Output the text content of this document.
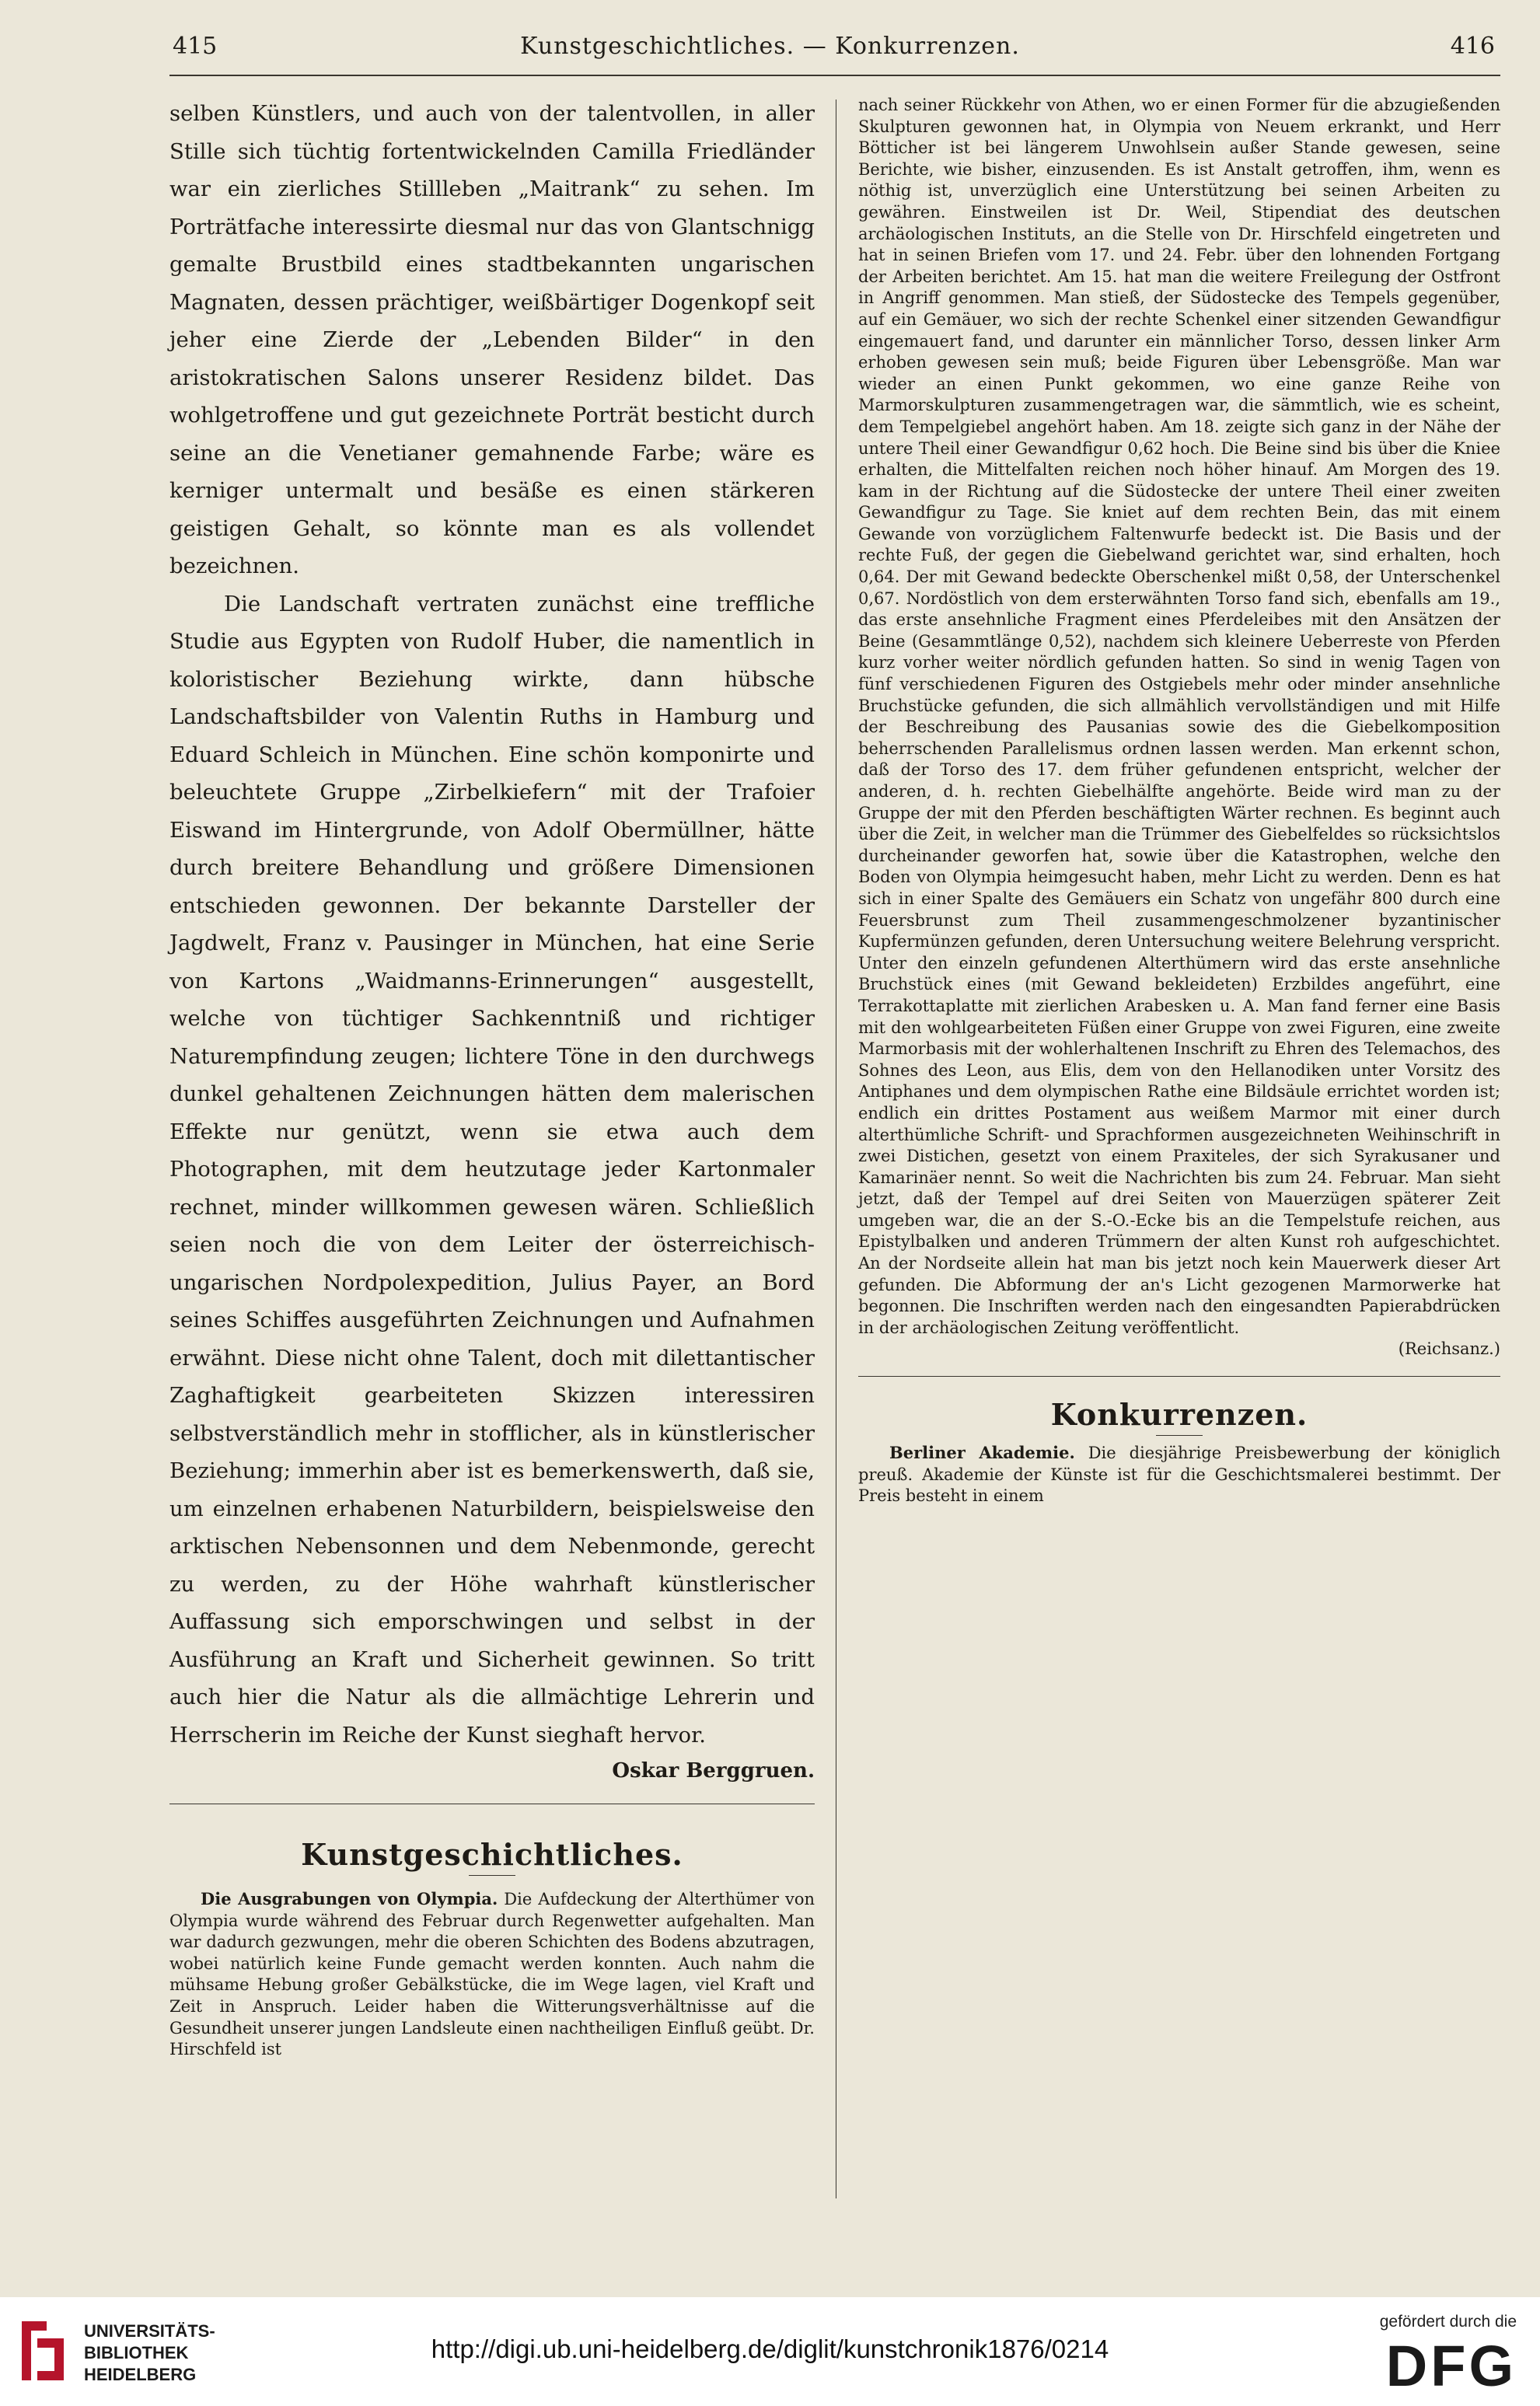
415	Kunstgeschichtliches. — Konkurrenzen.	416

selben Künstlers, und auch von der talentvollen, in aller Stille sich tüchtig fortentwickelnden Camilla Friedländer war ein zierliches Stillleben „Maitrank“ zu sehen. Im Porträtfache interessirte diesmal nur das von Glantschnigg gemalte Brustbild eines stadtbekannten ungarischen Magnaten, dessen prächtiger, weißbärtiger Dogenkopf seit jeher eine Zierde der „Lebenden Bilder“ in den aristokratischen Salons unserer Residenz bildet. Das wohlgetroffene und gut gezeichnete Porträt besticht durch seine an die Venetianer gemahnende Farbe; wäre es kerniger untermalt und besäße es einen stärkeren geistigen Gehalt, so könnte man es als vollendet bezeichnen.

Die Landschaft vertraten zunächst eine treffliche Studie aus Egypten von Rudolf Huber, die namentlich in koloristischer Beziehung wirkte, dann hübsche Landschaftsbilder von Valentin Ruths in Hamburg und Eduard Schleich in München. Eine schön komponirte und beleuchtete Gruppe „Zirbelkiefern“ mit der Trafoier Eiswand im Hintergrunde, von Adolf Obermüllner, hätte durch breitere Behandlung und größere Dimensionen entschieden gewonnen. Der bekannte Darsteller der Jagdwelt, Franz v. Pausinger in München, hat eine Serie von Kartons „Waidmanns-Erinnerungen“ ausgestellt, welche von tüchtiger Sachkenntniß und richtiger Naturempfindung zeugen; lichtere Töne in den durchwegs dunkel gehaltenen Zeichnungen hätten dem malerischen Effekte nur genützt, wenn sie etwa auch dem Photographen, mit dem heutzutage jeder Kartonmaler rechnet, minder willkommen gewesen wären. Schließlich seien noch die von dem Leiter der österreichisch-ungarischen Nordpolexpedition, Julius Payer, an Bord seines Schiffes ausgeführten Zeichnungen und Aufnahmen erwähnt. Diese nicht ohne Talent, doch mit dilettantischer Zaghaftigkeit gearbeiteten Skizzen interessiren selbstverständlich mehr in stofflicher, als in künstlerischer Beziehung; immerhin aber ist es bemerkenswerth, daß sie, um einzelnen erhabenen Naturbildern, beispielsweise den arktischen Nebensonnen und dem Nebenmonde, gerecht zu werden, zu der Höhe wahrhaft künstlerischer Auffassung sich emporschwingen und selbst in der Ausführung an Kraft und Sicherheit gewinnen. So tritt auch hier die Natur als die allmächtige Lehrerin und Herrscherin im Reiche der Kunst sieghaft hervor.

Oskar Berggruen.

Kunstgeschichtliches.

Die Ausgrabungen von Olympia. Die Aufdeckung der Alterthümer von Olympia wurde während des Februar durch Regenwetter aufgehalten. Man war dadurch gezwungen, mehr die oberen Schichten des Bodens abzutragen, wobei natürlich keine Funde gemacht werden konnten. Auch nahm die mühsame Hebung großer Gebälkstücke, die im Wege lagen, viel Kraft und Zeit in Anspruch. Leider haben die Witterungsverhältnisse auf die Gesundheit unserer jungen Landsleute einen nachtheiligen Einfluß geübt. Dr. Hirschfeld ist

nach seiner Rückkehr von Athen, wo er einen Former für die abzugießenden Skulpturen gewonnen hat, in Olympia von Neuem erkrankt, und Herr Bötticher ist bei längerem Unwohlsein außer Stande gewesen, seine Berichte, wie bisher, einzusenden. Es ist Anstalt getroffen, ihm, wenn es nöthig ist, unverzüglich eine Unterstützung bei seinen Arbeiten zu gewähren. Einstweilen ist Dr. Weil, Stipendiat des deutschen archäologischen Instituts, an die Stelle von Dr. Hirschfeld eingetreten und hat in seinen Briefen vom 17. und 24. Febr. über den lohnenden Fortgang der Arbeiten berichtet. Am 15. hat man die weitere Freilegung der Ostfront in Angriff genommen. Man stieß, der Südostecke des Tempels gegenüber, auf ein Gemäuer, wo sich der rechte Schenkel einer sitzenden Gewandfigur eingemauert fand, und darunter ein männlicher Torso, dessen linker Arm erhoben gewesen sein muß; beide Figuren über Lebensgröße. Man war wieder an einen Punkt gekommen, wo eine ganze Reihe von Marmorskulpturen zusammengetragen war, die sämmtlich, wie es scheint, dem Tempelgiebel angehört haben. Am 18. zeigte sich ganz in der Nähe der untere Theil einer Gewandfigur 0,62 hoch. Die Beine sind bis über die Kniee erhalten, die Mittelfalten reichen noch höher hinauf. Am Morgen des 19. kam in der Richtung auf die Südostecke der untere Theil einer zweiten Gewandfigur zu Tage. Sie kniet auf dem rechten Bein, das mit einem Gewande von vorzüglichem Faltenwurfe bedeckt ist. Die Basis und der rechte Fuß, der gegen die Giebelwand gerichtet war, sind erhalten, hoch 0,64. Der mit Gewand bedeckte Oberschenkel mißt 0,58, der Unterschenkel 0,67. Nordöstlich von dem ersterwähnten Torso fand sich, ebenfalls am 19., das erste ansehnliche Fragment eines Pferdeleibes mit den Ansätzen der Beine (Gesammtlänge 0,52), nachdem sich kleinere Ueberreste von Pferden kurz vorher weiter nördlich gefunden hatten. So sind in wenig Tagen von fünf verschiedenen Figuren des Ostgiebels mehr oder minder ansehnliche Bruchstücke gefunden, die sich allmählich vervollständigen und mit Hilfe der Beschreibung des Pausanias sowie des die Giebelkomposition beherrschenden Parallelismus ordnen lassen werden. Man erkennt schon, daß der Torso des 17. dem früher gefundenen entspricht, welcher der anderen, d. h. rechten Giebelhälfte angehörte. Beide wird man zu der Gruppe der mit den Pferden beschäftigten Wärter rechnen. Es beginnt auch über die Zeit, in welcher man die Trümmer des Giebelfeldes so rücksichtslos durcheinander geworfen hat, sowie über die Katastrophen, welche den Boden von Olympia heimgesucht haben, mehr Licht zu werden. Denn es hat sich in einer Spalte des Gemäuers ein Schatz von ungefähr 800 durch eine Feuersbrunst zum Theil zusammengeschmolzener byzantinischer Kupfermünzen gefunden, deren Untersuchung weitere Belehrung verspricht. Unter den einzeln gefundenen Alterthümern wird das erste ansehnliche Bruchstück eines (mit Gewand bekleideten) Erzbildes angeführt, eine Terrakottaplatte mit zierlichen Arabesken u. A. Man fand ferner eine Basis mit den wohlgearbeiteten Füßen einer Gruppe von zwei Figuren, eine zweite Marmorbasis mit der wohlerhaltenen Inschrift zu Ehren des Telemachos, des Sohnes des Leon, aus Elis, dem von den Hellanodiken unter Vorsitz des Antiphanes und dem olympischen Rathe eine Bildsäule errichtet worden ist; endlich ein drittes Postament aus weißem Marmor mit einer durch alterthümliche Schrift- und Sprachformen ausgezeichneten Weihinschrift in zwei Distichen, gesetzt von einem Praxiteles, der sich Syrakusaner und Kamarinäer nennt. So weit die Nachrichten bis zum 24. Februar. Man sieht jetzt, daß der Tempel auf drei Seiten von Mauerzügen späterer Zeit umgeben war, die an der S.-O.-Ecke bis an die Tempelstufe reichen, aus Epistylbalken und anderen Trümmern der alten Kunst roh aufgeschichtet. An der Nordseite allein hat man bis jetzt noch kein Mauerwerk dieser Art gefunden. Die Abformung der an's Licht gezogenen Marmorwerke hat begonnen. Die Inschriften werden nach den eingesandten Papierabdrücken in der archäologischen Zeitung veröffentlicht.

(Reichsanz.)

Konkurrenzen.

Berliner Akademie. Die diesjährige Preisbewerbung der königlich preuß. Akademie der Künste ist für die Geschichtsmalerei bestimmt. Der Preis besteht in einem

UNIVERSITÄTS-
BIBLIOTHEK
HEIDELBERG
http://digi.ub.uni-heidelberg.de/diglit/kunstchronik1876/0214
gefördert durch die
DFG
